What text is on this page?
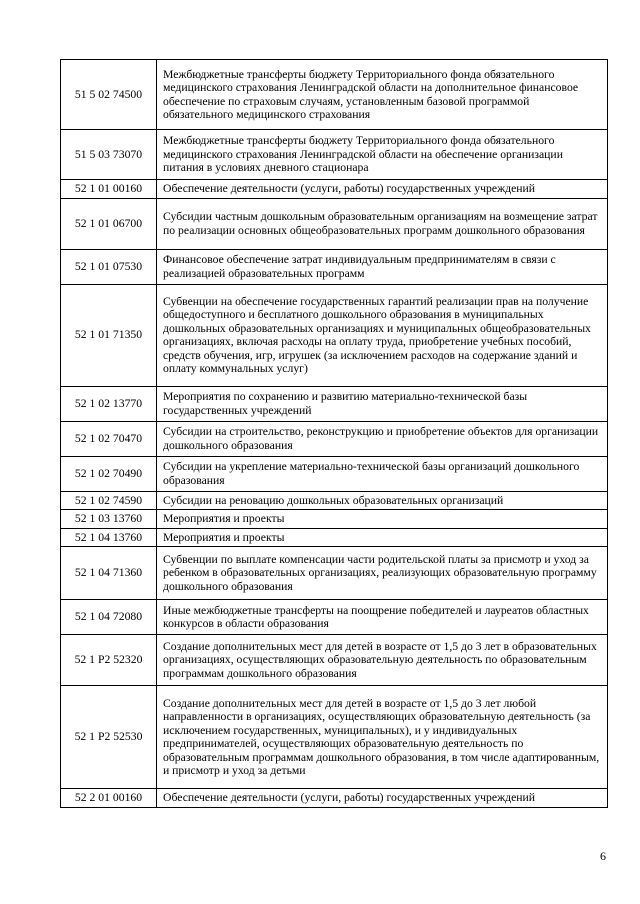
51 5 02 74500	Межбюджетные трансферты бюджету Территориального фонда обязательного медицинского страхования Ленинградской области на дополнительное финансовое обеспечение по страховым случаям, установленным базовой программой обязательного медицинского страхования
51 5 03 73070	Межбюджетные трансферты бюджету Территориального фонда обязательного медицинского страхования Ленинградской области на обеспечение организации питания в условиях дневного стационара
52 1 01 00160	Обеспечение деятельности (услуги, работы) государственных учреждений
52 1 01 06700	Субсидии частным дошкольным образовательным организациям на возмещение затрат по реализации основных общеобразовательных программ дошкольного образования
52 1 01 07530	Финансовое обеспечение затрат индивидуальным предпринимателям в связи с реализацией образовательных программ
52 1 01 71350	Субвенции на обеспечение государственных гарантий реализации прав на получение общедоступного и бесплатного дошкольного образования в муниципальных дошкольных образовательных организациях и муниципальных общеобразовательных организациях, включая расходы на оплату труда, приобретение учебных пособий, средств обучения, игр, игрушек (за исключением расходов на содержание зданий и оплату коммунальных услуг)
52 1 02 13770	Мероприятия по сохранению и развитию материально-технической базы государственных учреждений
52 1 02 70470	Субсидии на строительство, реконструкцию и приобретение объектов для организации дошкольного образования
52 1 02 70490	Субсидии на укрепление материально-технической базы организаций дошкольного образования
52 1 02 74590	Субсидии на реновацию дошкольных образовательных организаций
52 1 03 13760	Мероприятия и проекты
52 1 04 13760	Мероприятия и проекты
52 1 04 71360	Субвенции по выплате компенсации части родительской платы за присмотр и уход за ребенком в образовательных организациях, реализующих образовательную программу дошкольного образования
52 1 04 72080	Иные межбюджетные трансферты на поощрение победителей и лауреатов областных конкурсов в области образования
52 1 P2 52320	Создание дополнительных мест для детей в возрасте от 1,5 до 3 лет в образовательных организациях, осуществляющих образовательную деятельность по образовательным программам дошкольного образования
52 1 P2 52530	Создание дополнительных мест для детей в возрасте от 1,5 до 3 лет любой направленности в организациях, осуществляющих образовательную деятельность (за исключением государственных, муниципальных), и у индивидуальных предпринимателей, осуществляющих образовательную деятельность по образовательным программам дошкольного образования, в том числе адаптированным, и присмотр и уход за детьми
52 2 01 00160	Обеспечение деятельности (услуги, работы) государственных учреждений
6
